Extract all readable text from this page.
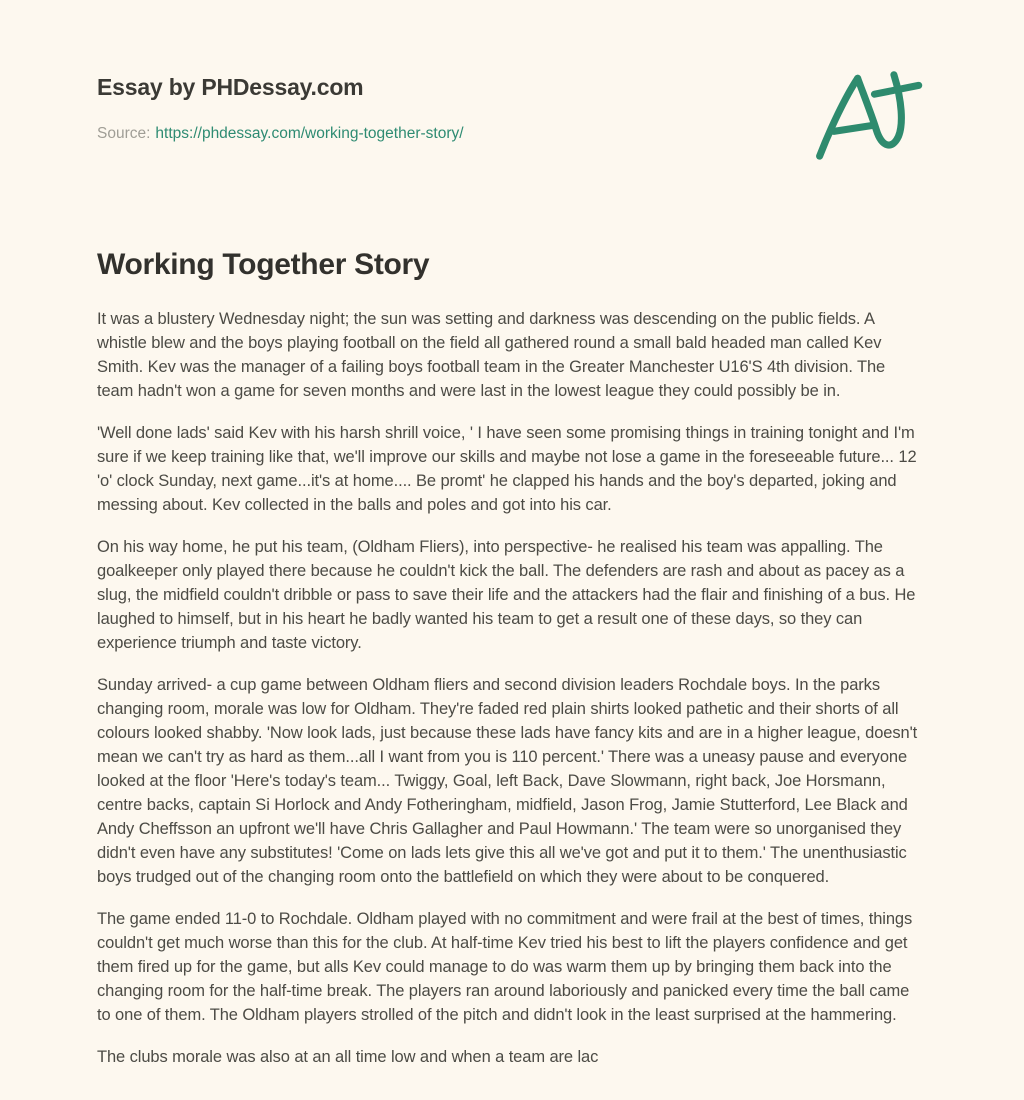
Essay by PHDessay.com
Source: https://phdessay.com/working-together-story/
Working Together Story

It was a blustery Wednesday night; the sun was setting and darkness was descending on the public fields. A whistle blew and the boys playing football on the field all gathered round a small bald headed man called Kev Smith. Kev was the manager of a failing boys football team in the Greater Manchester U16'S 4th division. The team hadn't won a game for seven months and were last in the lowest league they could possibly be in.

'Well done lads' said Kev with his harsh shrill voice, ' I have seen some promising things in training tonight and I'm sure if we keep training like that, we'll improve our skills and maybe not lose a game in the foreseeable future... 12 'o' clock Sunday, next game...it's at home.... Be promt' he clapped his hands and the boy's departed, joking and messing about. Kev collected in the balls and poles and got into his car.

On his way home, he put his team, (Oldham Fliers), into perspective- he realised his team was appalling. The goalkeeper only played there because he couldn't kick the ball. The defenders are rash and about as pacey as a slug, the midfield couldn't dribble or pass to save their life and the attackers had the flair and finishing of a bus. He laughed to himself, but in his heart he badly wanted his team to get a result one of these days, so they can experience triumph and taste victory.

Sunday arrived- a cup game between Oldham fliers and second division leaders Rochdale boys. In the parks changing room, morale was low for Oldham. They're faded red plain shirts looked pathetic and their shorts of all colours looked shabby. 'Now look lads, just because these lads have fancy kits and are in a higher league, doesn't mean we can't try as hard as them...all I want from you is 110 percent.' There was a uneasy pause and everyone looked at the floor 'Here's today's team... Twiggy, Goal, left Back, Dave Slowmann, right back, Joe Horsmann, centre backs, captain Si Horlock and Andy Fotheringham, midfield, Jason Frog, Jamie Stutterford, Lee Black and Andy Cheffsson an upfront we'll have Chris Gallagher and Paul Howmann.' The team were so unorganised they didn't even have any substitutes! 'Come on lads lets give this all we've got and put it to them.' The unenthusiastic boys trudged out of the changing room onto the battlefield on which they were about to be conquered.

The game ended 11-0 to Rochdale. Oldham played with no commitment and were frail at the best of times, things couldn't get much worse than this for the club. At half-time Kev tried his best to lift the players confidence and get them fired up for the game, but alls Kev could manage to do was warm them up by bringing them back into the changing room for the half-time break. The players ran around laboriously and panicked every time the ball came to one of them. The Oldham players strolled of the pitch and didn't look in the least surprised at the hammering.

The clubs morale was also at an all time low and when a team are lac
